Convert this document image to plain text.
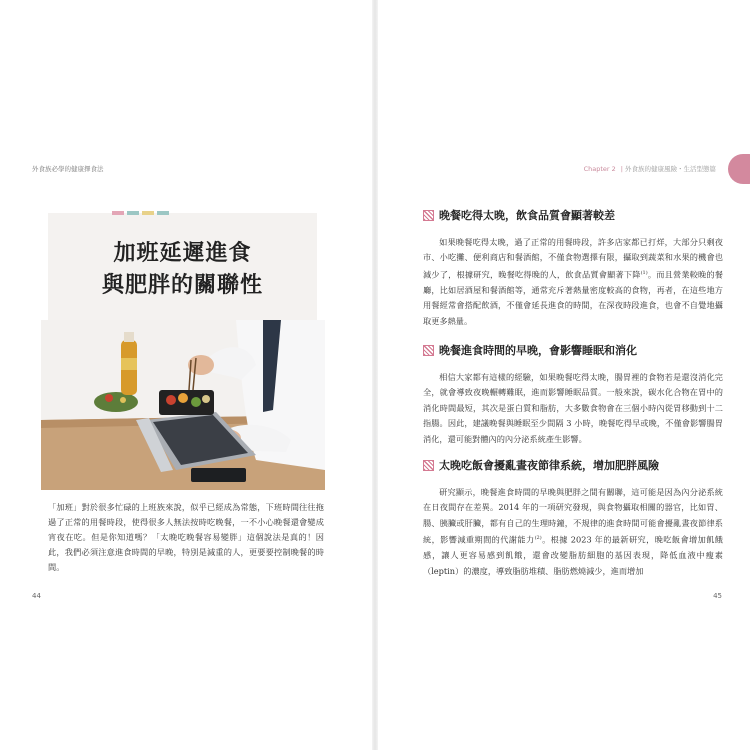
外食族必學的健康擇食法
加班延遲進食
與肥胖的關聯性
「加班」對於很多忙碌的上班族來說，似乎已經成為常態，下班時間往往拖過了正常的用餐時段，使得很多人無法按時吃晚餐，一不小心晚餐還會變成宵夜在吃。但是你知道嗎？「太晚吃晚餐容易變胖」這個說法是真的！因此，我們必須注意進食時間的早晚，特別是減重的人，更要要控制晚餐的時間。
44
Chapter 2 | 外食族的健康風險・生活型態篇
45
晚餐吃得太晚，飲食品質會顯著較差
如果晚餐吃得太晚，過了正常的用餐時段，許多店家都已打烊，大部分只剩夜市、小吃攤、便利商店和餐酒館，不僅食物選擇有限，攝取到蔬菜和水果的機會也減少了，根據研究，晚餐吃得晚的人，飲食品質會顯著下降$^{(1)}$。而且營業較晚的餐廳，比如居酒屋和餐酒館等，通常充斥著熱量密度較高的食物，再者，在這些地方用餐經常會搭配飲酒，不僅會延長進食的時間，在深夜時段進食，也會不自覺地攝取更多熱量。
晚餐進食時間的早晚，會影響睡眠和消化
相信大家都有這樣的經驗，如果晚餐吃得太晚，腸胃裡的食物若是還沒消化完全，就會導致夜晚輾轉難眠，進而影響睡眠品質。一般來說，碳水化合物在胃中的消化時間最短，其次是蛋白質和脂肪，大多數食物會在三個小時內從胃移動到十二指腸。因此，建議晚餐與睡眠至少間隔 3 小時，晚餐吃得早或晚，不僅會影響腸胃消化，還可能對體內的內分泌系統產生影響。
太晚吃飯會擾亂晝夜節律系統，增加肥胖風險
研究顯示，晚餐進食時間的早晚與肥胖之間有關聯，這可能是因為內分泌系統在日夜間存在差異。2014 年的一項研究發現，與食物攝取相關的器官，比如胃、腸、胰臟或肝臟，都有自己的生理時鐘，不規律的進食時間可能會擾亂晝夜節律系統，影響減重期間的代謝能力$^{(2)}$。根據 2023 年的最新研究，晚吃飯會增加飢餓感，讓人更容易感到飢餓，還會改變脂肪細胞的基因表現，降低血液中瘦素（leptin）的濃度，導致脂肪堆積、脂肪燃燒減少，進而增加
